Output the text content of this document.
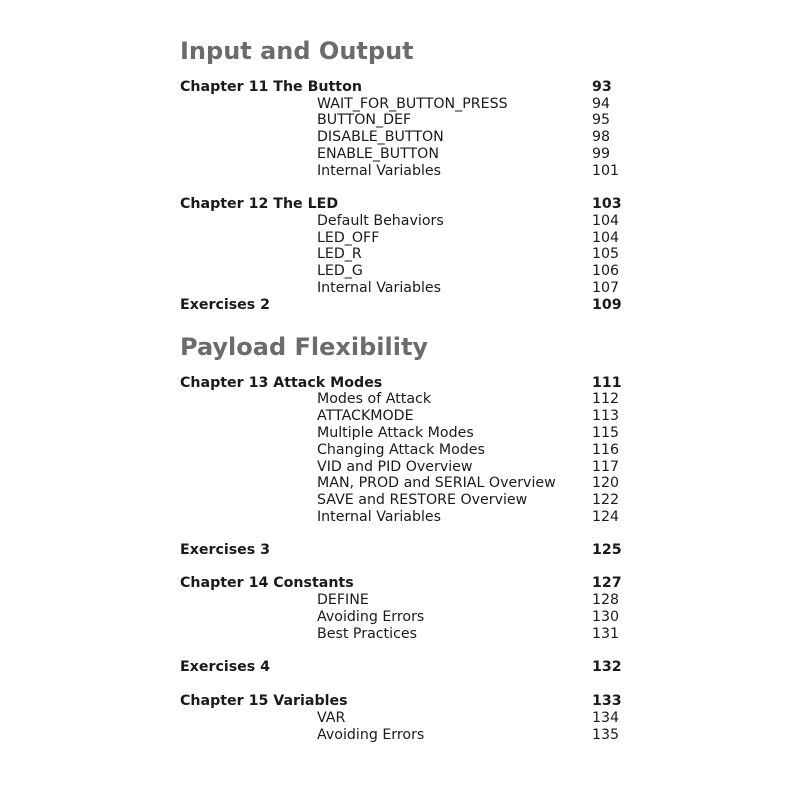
Input and Output
Chapter 11 The Button	93
WAIT_FOR_BUTTON_PRESS	94
BUTTON_DEF	95
DISABLE_BUTTON	98
ENABLE_BUTTON	99
Internal Variables	101
Chapter 12 The LED	103
Default Behaviors	104
LED_OFF	104
LED_R	105
LED_G	106
Internal Variables	107
Exercises 2	109
Payload Flexibility
Chapter 13 Attack Modes	111
Modes of Attack	112
ATTACKMODE	113
Multiple Attack Modes	115
Changing Attack Modes	116
VID and PID Overview	117
MAN, PROD and SERIAL Overview	120
SAVE and RESTORE Overview	122
Internal Variables	124
Exercises 3	125
Chapter 14 Constants	127
DEFINE	128
Avoiding Errors	130
Best Practices	131
Exercises 4	132
Chapter 15 Variables	133
VAR	134
Avoiding Errors	135
